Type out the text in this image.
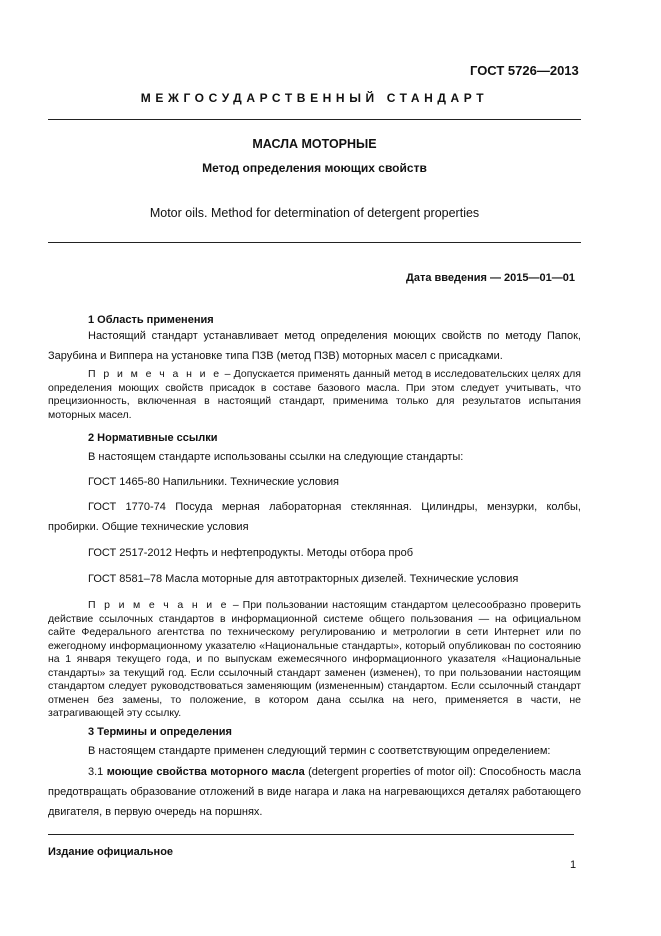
ГОСТ 5726—2013
МЕЖГОСУДАРСТВЕННЫЙ СТАНДАРТ
МАСЛА МОТОРНЫЕ
Метод определения моющих свойств
Motor oils. Method for determination of detergent properties
Дата введения — 2015—01—01
1 Область применения
Настоящий стандарт устанавливает метод определения моющих свойств по методу Папок, Зарубина и Виппера на установке типа ПЗВ (метод ПЗВ) моторных масел с присадками.
П р и м е ч а н и е – Допускается применять данный метод в исследовательских целях для определения моющих свойств присадок в составе базового масла. При этом следует учитывать, что прецизионность, включенная в настоящий стандарт, применима только для результатов испытания моторных масел.
2 Нормативные ссылки
В настоящем стандарте использованы ссылки на следующие стандарты:
ГОСТ 1465-80 Напильники. Технические условия
ГОСТ 1770-74 Посуда мерная лабораторная стеклянная. Цилиндры, мензурки, колбы, пробирки. Общие технические условия
ГОСТ 2517-2012 Нефть и нефтепродукты. Методы отбора проб
ГОСТ 8581–78 Масла моторные для автотракторных дизелей. Технические условия
П р и м е ч а н и е – При пользовании настоящим стандартом целесообразно проверить действие ссылочных стандартов в информационной системе общего пользования — на официальном сайте Федерального агентства по техническому регулированию и метрологии в сети Интернет или по ежегодному информационному указателю «Национальные стандарты», который опубликован по состоянию на 1 января текущего года, и по выпускам ежемесячного информационного указателя «Национальные стандарты» за текущий год. Если ссылочный стандарт заменен (изменен), то при пользовании настоящим стандартом следует руководствоваться заменяющим (измененным) стандартом. Если ссылочный стандарт отменен без замены, то положение, в котором дана ссылка на него, применяется в части, не затрагивающей эту ссылку.
3 Термины и определения
В настоящем стандарте применен следующий термин с соответствующим определением:
3.1 моющие свойства моторного масла (detergent properties of motor oil): Способность масла предотвращать образование отложений в виде нагара и лака на нагревающихся деталях работающего двигателя, в первую очередь на поршнях.
Издание официальное
1
